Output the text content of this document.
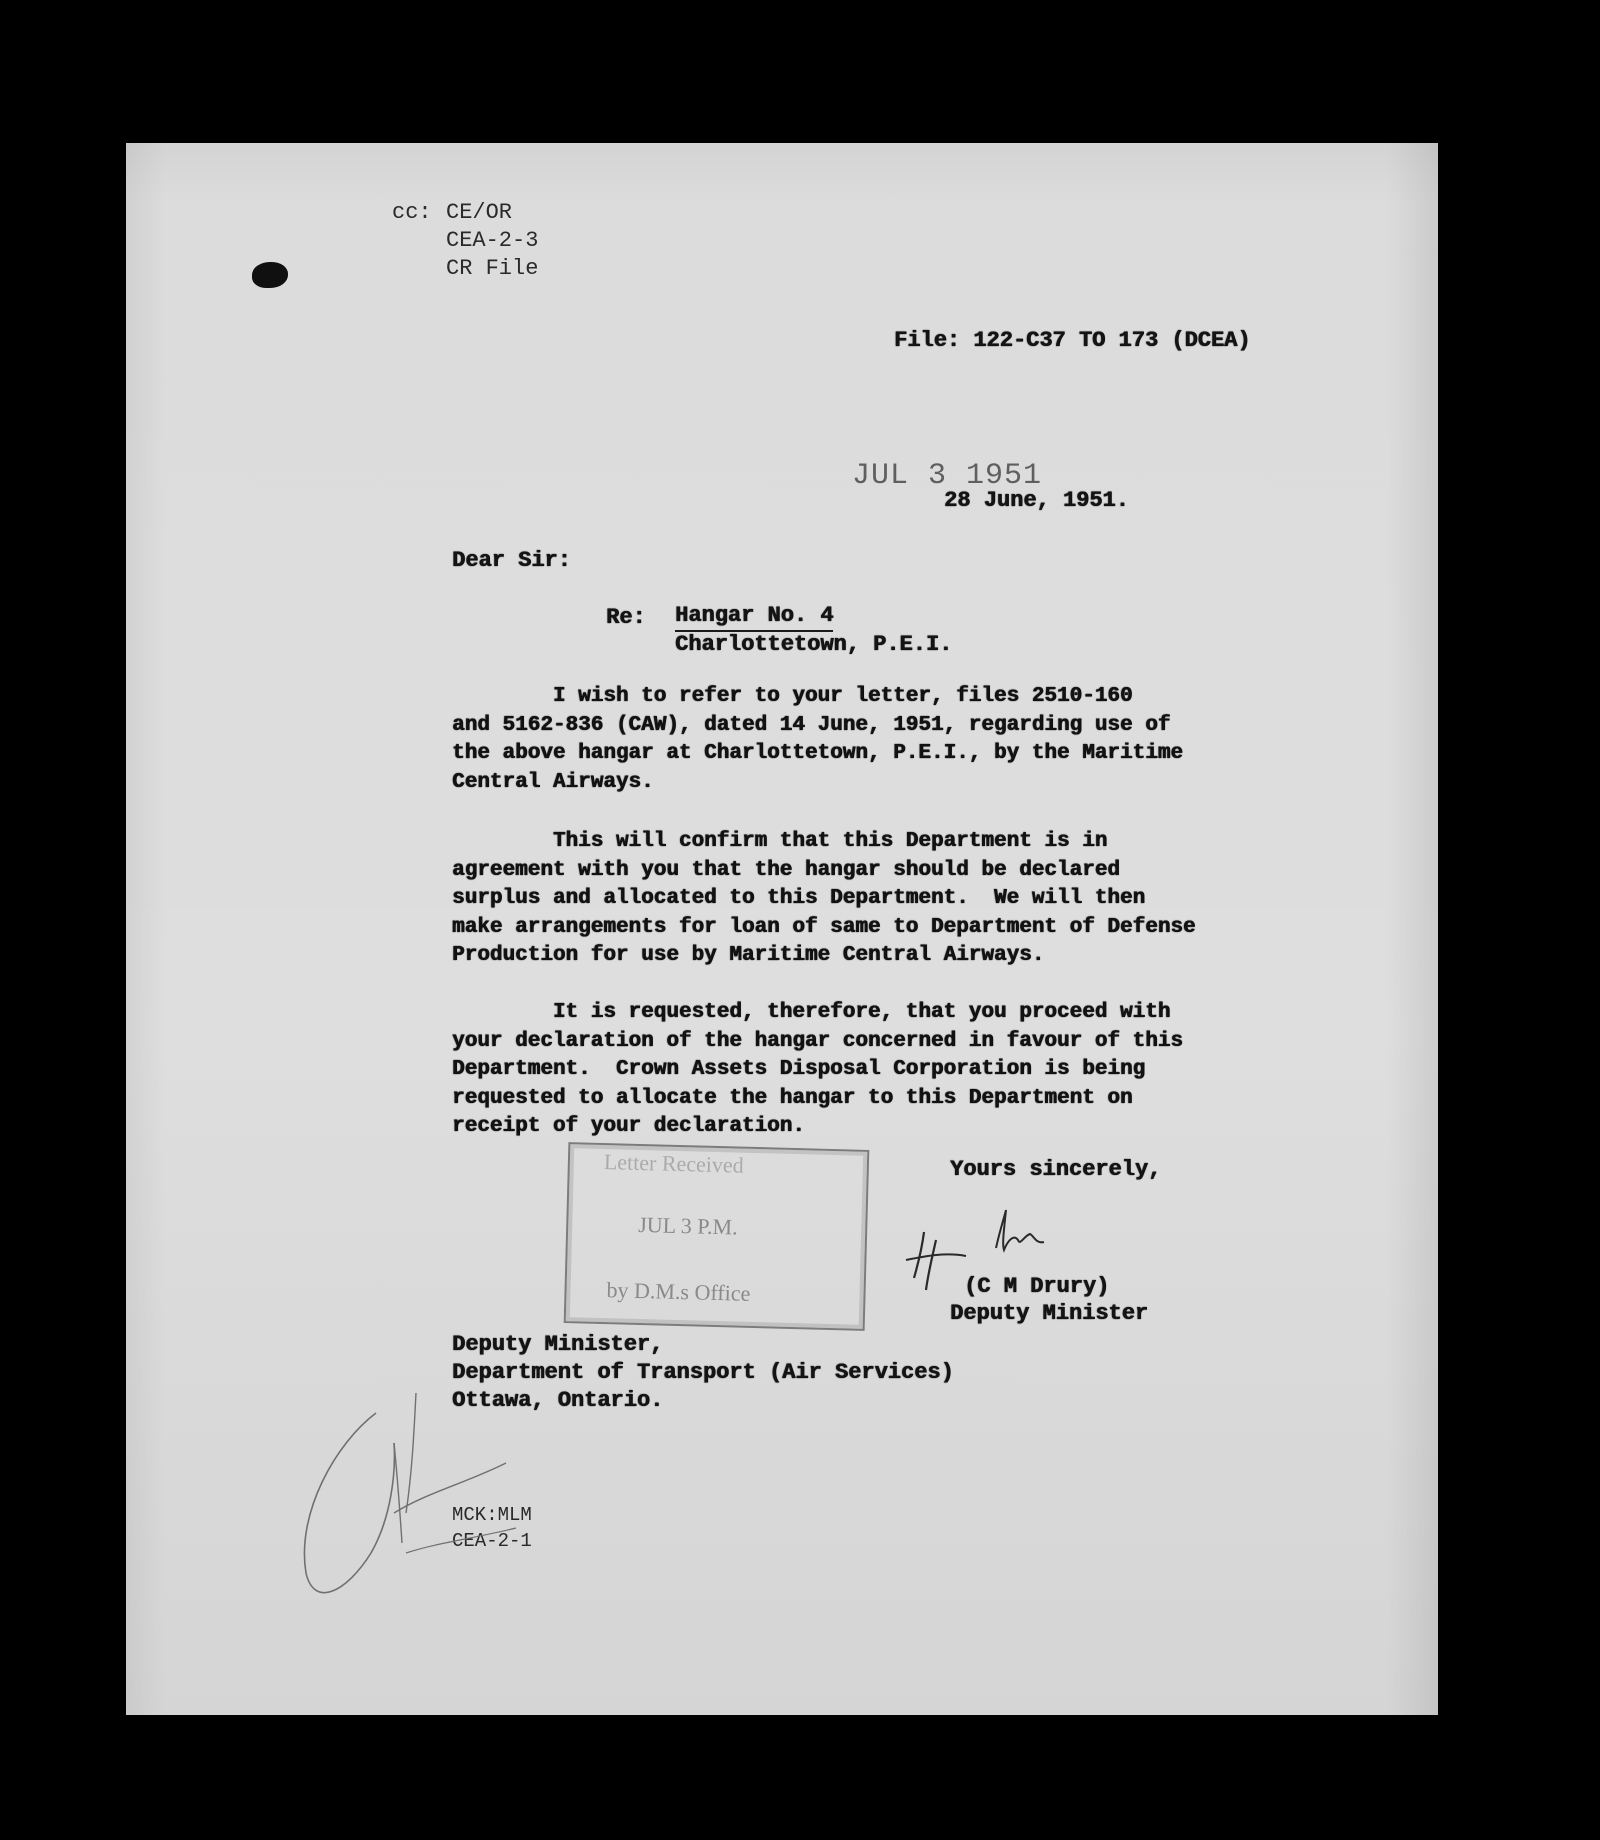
cc: CE/OR
CEA-2-3
CR File
File: 122-C37 TO 173 (DCEA)
JUL 3 1951
28 June, 1951.
Dear Sir:
Re: Hangar No. 4
Charlottetown, P.E.I.
I wish to refer to your letter, files 2510-160
and 5162-836 (CAW), dated 14 June, 1951, regarding use of
the above hangar at Charlottetown, P.E.I., by the Maritime
Central Airways.
This will confirm that this Department is in
agreement with you that the hangar should be declared
surplus and allocated to this Department.  We will then
make arrangements for loan of same to Department of Defense
Production for use by Maritime Central Airways.
It is requested, therefore, that you proceed with
your declaration of the hangar concerned in favour of this
Department.  Crown Assets Disposal Corporation is being
requested to allocate the hangar to this Department on
receipt of your declaration.
Letter Received
JUL 3 P.M.
by D.M.s Office
Yours sincerely,
(C M Drury)
Deputy Minister
Deputy Minister,
Department of Transport (Air Services)
Ottawa, Ontario.
MCK:MLM
CEA-2-1
